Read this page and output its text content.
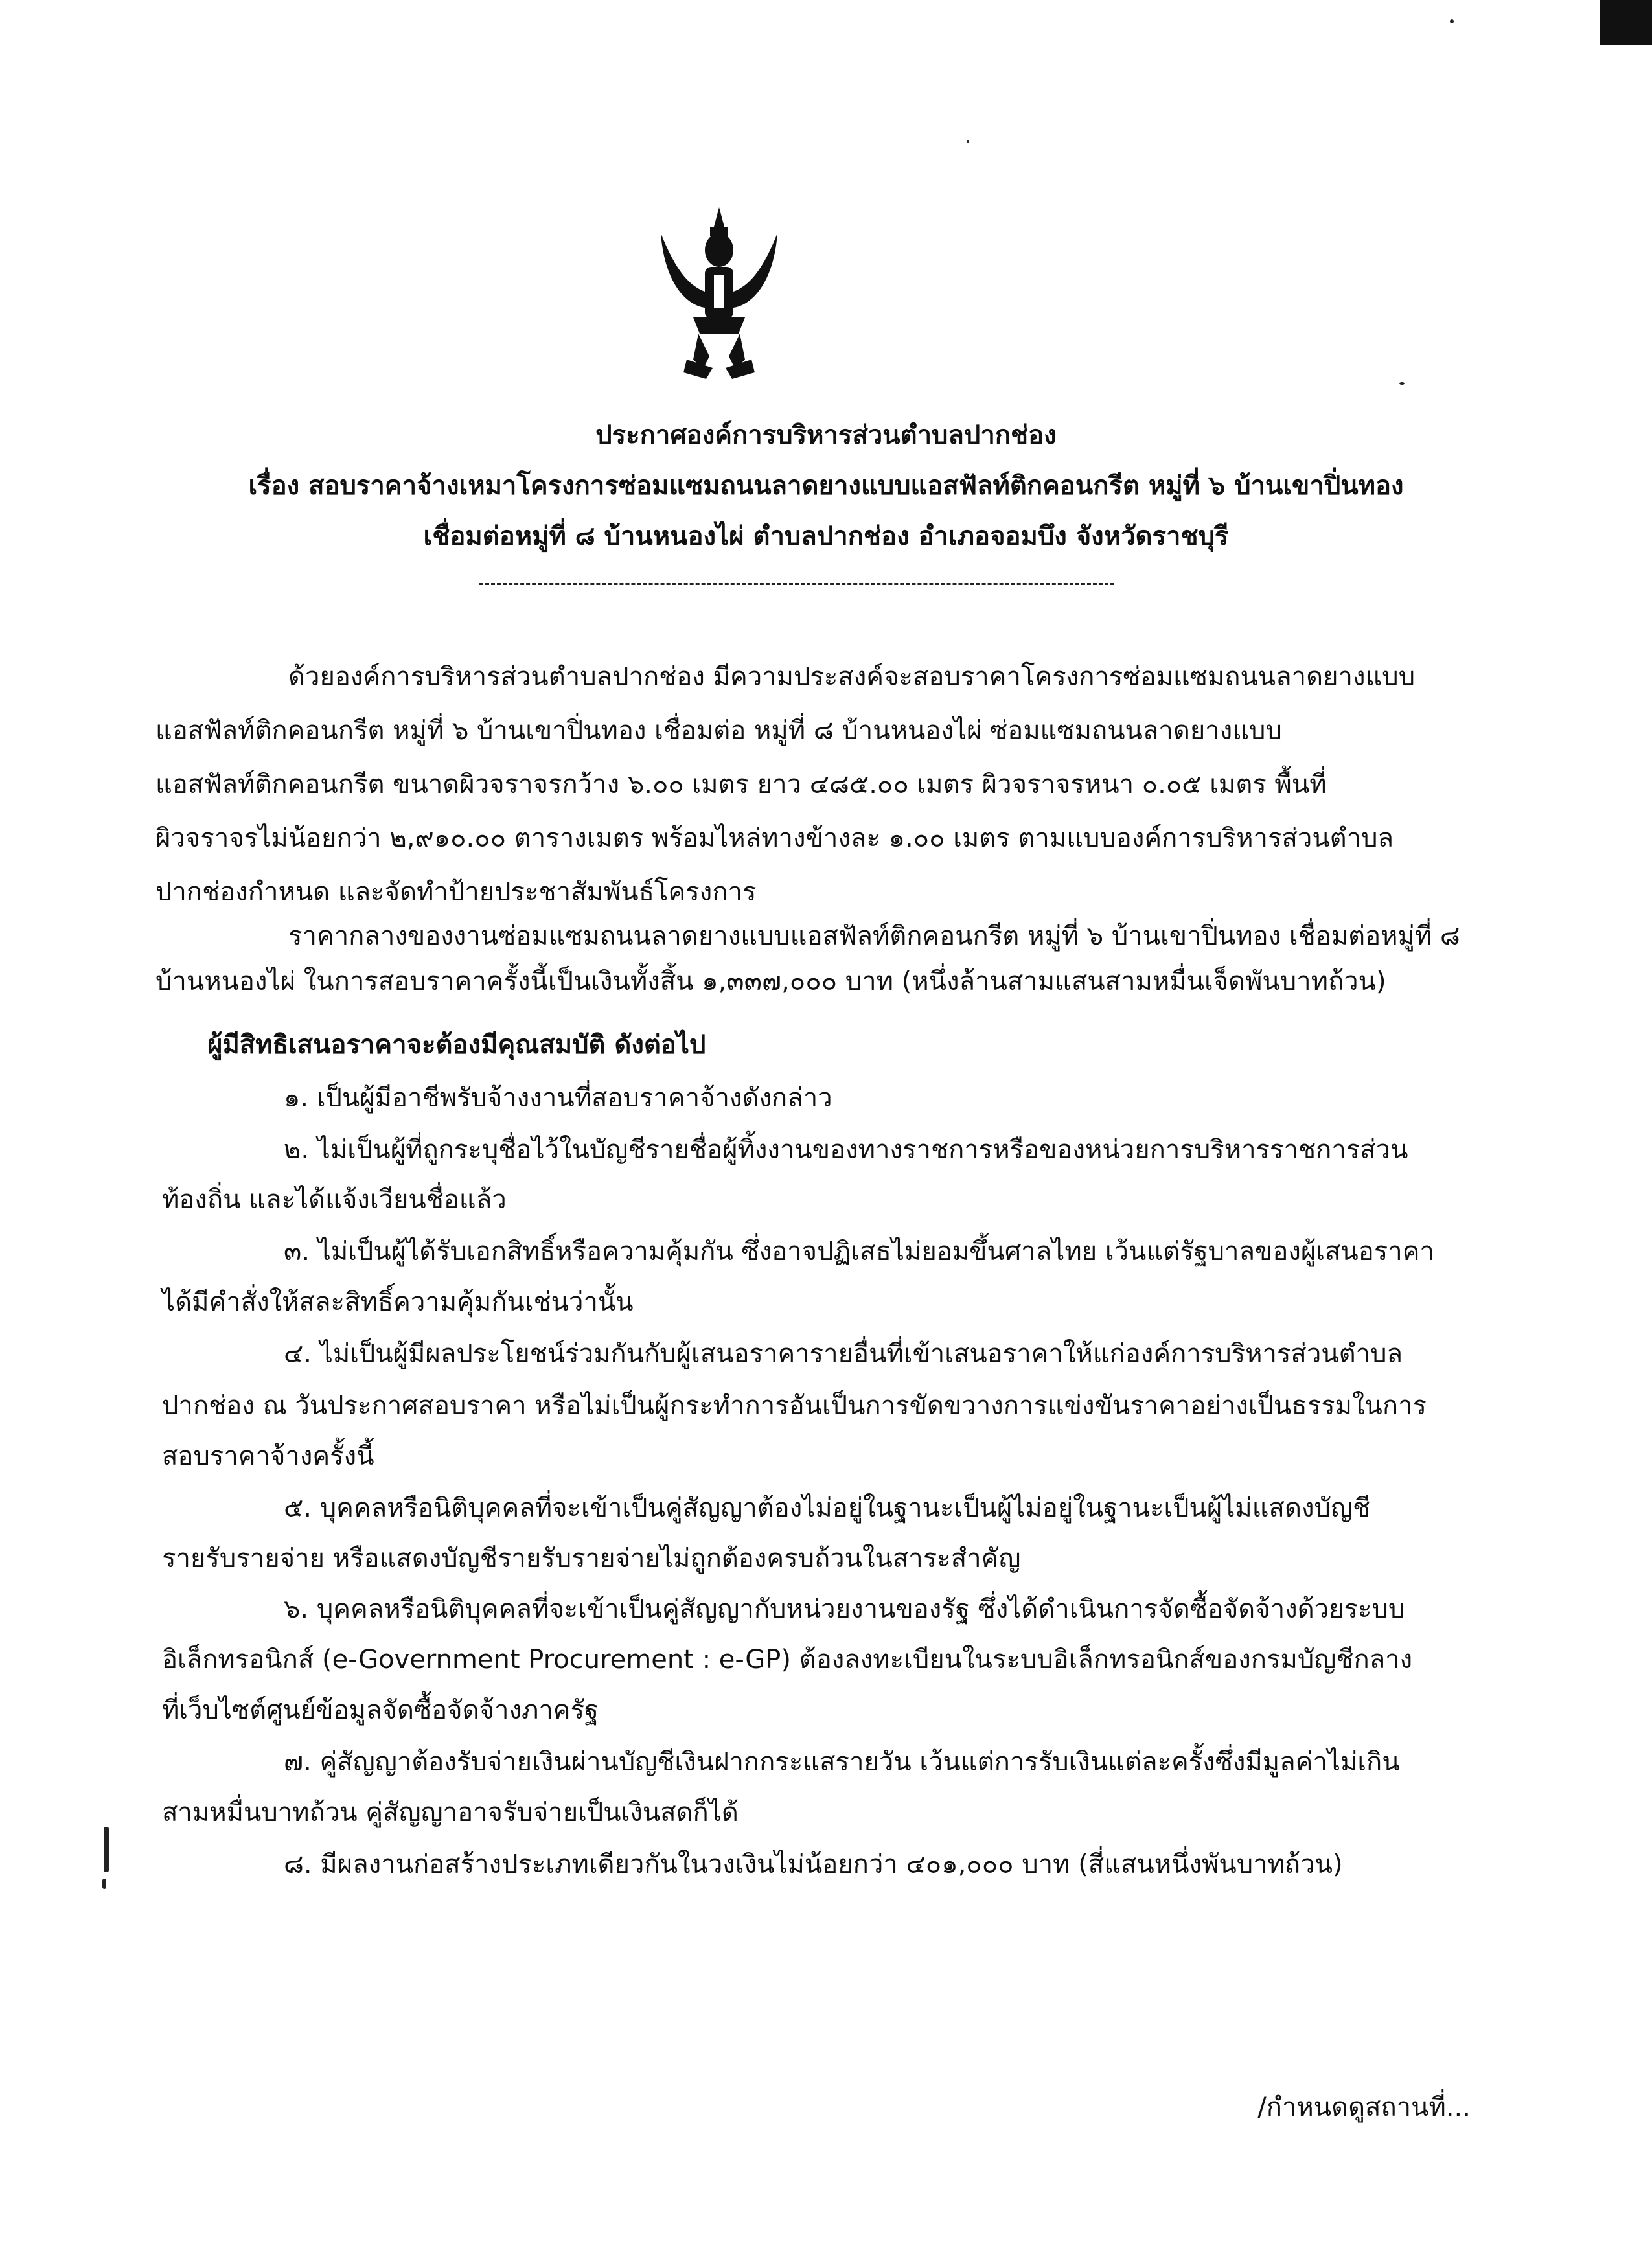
ประกาศองค์การบริหารส่วนตำบลปากช่อง
เรื่อง สอบราคาจ้างเหมาโครงการซ่อมแซมถนนลาดยางแบบแอสฟัลท์ติกคอนกรีต หมู่ที่ ๖ บ้านเขาปิ่นทอง
เชื่อมต่อหมู่ที่ ๘ บ้านหนองไผ่ ตำบลปากช่อง อำเภอจอมบึง จังหวัดราชบุรี
ด้วยองค์การบริหารส่วนตำบลปากช่อง มีความประสงค์จะสอบราคาโครงการซ่อมแซมถนนลาดยางแบบ
แอสฟัลท์ติกคอนกรีต หมู่ที่ ๖ บ้านเขาปิ่นทอง เชื่อมต่อ หมู่ที่ ๘ บ้านหนองไผ่ ซ่อมแซมถนนลาดยางแบบ
แอสฟัลท์ติกคอนกรีต ขนาดผิวจราจรกว้าง ๖.๐๐ เมตร ยาว ๔๘๕.๐๐ เมตร ผิวจราจรหนา ๐.๐๕ เมตร พื้นที่
ผิวจราจรไม่น้อยกว่า ๒,๙๑๐.๐๐ ตารางเมตร พร้อมไหล่ทางข้างละ ๑.๐๐ เมตร ตามแบบองค์การบริหารส่วนตำบล
ปากช่องกำหนด และจัดทำป้ายประชาสัมพันธ์โครงการ
ราคากลางของงานซ่อมแซมถนนลาดยางแบบแอสฟัลท์ติกคอนกรีต หมู่ที่ ๖ บ้านเขาปิ่นทอง เชื่อมต่อหมู่ที่ ๘
บ้านหนองไผ่ ในการสอบราคาครั้งนี้เป็นเงินทั้งสิ้น ๑,๓๓๗,๐๐๐ บาท (หนึ่งล้านสามแสนสามหมื่นเจ็ดพันบาทถ้วน)
ผู้มีสิทธิเสนอราคาจะต้องมีคุณสมบัติ ดังต่อไป
๑. เป็นผู้มีอาชีพรับจ้างงานที่สอบราคาจ้างดังกล่าว
๒. ไม่เป็นผู้ที่ถูกระบุชื่อไว้ในบัญชีรายชื่อผู้ทิ้งงานของทางราชการหรือของหน่วยการบริหารราชการส่วน
ท้องถิ่น และได้แจ้งเวียนชื่อแล้ว
๓. ไม่เป็นผู้ได้รับเอกสิทธิ์หรือความคุ้มกัน ซึ่งอาจปฏิเสธไม่ยอมขึ้นศาลไทย เว้นแต่รัฐบาลของผู้เสนอราคา
ได้มีคำสั่งให้สละสิทธิ์ความคุ้มกันเช่นว่านั้น
๔. ไม่เป็นผู้มีผลประโยชน์ร่วมกันกับผู้เสนอราคารายอื่นที่เข้าเสนอราคาให้แก่องค์การบริหารส่วนตำบล
ปากช่อง ณ วันประกาศสอบราคา หรือไม่เป็นผู้กระทำการอันเป็นการขัดขวางการแข่งขันราคาอย่างเป็นธรรมในการ
สอบราคาจ้างครั้งนี้
๕. บุคคลหรือนิติบุคคลที่จะเข้าเป็นคู่สัญญาต้องไม่อยู่ในฐานะเป็นผู้ไม่อยู่ในฐานะเป็นผู้ไม่แสดงบัญชี
รายรับรายจ่าย หรือแสดงบัญชีรายรับรายจ่ายไม่ถูกต้องครบถ้วนในสาระสำคัญ
๖. บุคคลหรือนิติบุคคลที่จะเข้าเป็นคู่สัญญากับหน่วยงานของรัฐ ซึ่งได้ดำเนินการจัดซื้อจัดจ้างด้วยระบบ
อิเล็กทรอนิกส์ (e-Government Procurement : e-GP) ต้องลงทะเบียนในระบบอิเล็กทรอนิกส์ของกรมบัญชีกลาง
ที่เว็บไซต์ศูนย์ข้อมูลจัดซื้อจัดจ้างภาครัฐ
๗. คู่สัญญาต้องรับจ่ายเงินผ่านบัญชีเงินฝากกระแสรายวัน เว้นแต่การรับเงินแต่ละครั้งซึ่งมีมูลค่าไม่เกิน
สามหมื่นบาทถ้วน คู่สัญญาอาจรับจ่ายเป็นเงินสดก็ได้
๘. มีผลงานก่อสร้างประเภทเดียวกันในวงเงินไม่น้อยกว่า ๔๐๑,๐๐๐ บาท (สี่แสนหนึ่งพันบาทถ้วน)
/กำหนดดูสถานที่...
